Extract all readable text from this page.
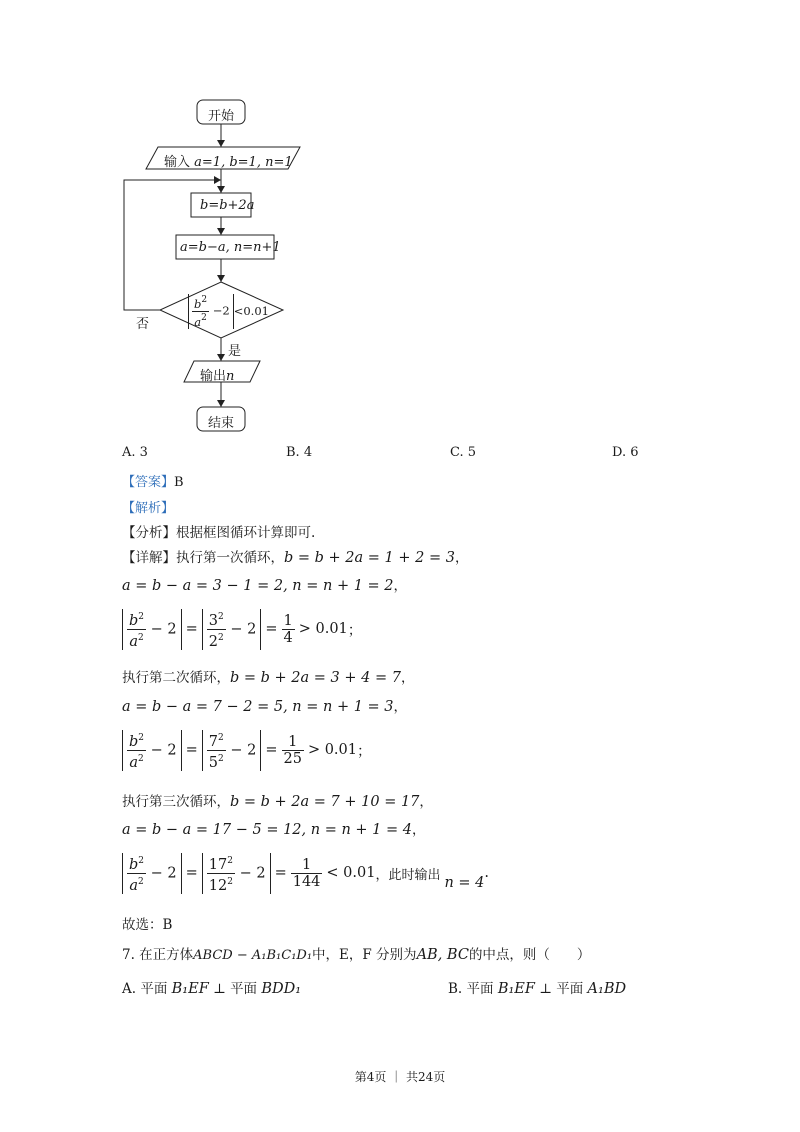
开始
输入 a=1, b=1, n=1
b=b+2a
a=b−a, n=n+1
$\frac{b^2}{a^2} -2 <0.01$
否
是
输出n
结束
A. 3	B. 4	C. 5	D. 6
【答案】B
【解析】
【分析】根据框图循环计算即可.
【详解】执行第一次循环，b = b + 2a = 1 + 2 = 3，
a = b − a = 3 − 1 = 2, n = n + 1 = 2，
$\frac{b^2}{a^2} - 2 = \frac{3^2}{2^2} - 2 = \frac{1}{4} > 0.01$ ；
执行第二次循环，b = b + 2a = 3 + 4 = 7，
a = b − a = 7 − 2 = 5, n = n + 1 = 3，
$\frac{b^2}{a^2} - 2 = \frac{7^2}{5^2} - 2 = \frac{1}{25} > 0.01$ ；
执行第三次循环，b = b + 2a = 7 + 10 = 17，
a = b − a = 17 − 5 = 12, n = n + 1 = 4，
$\frac{b^2}{a^2} - 2 = \frac{17^2}{12^2} - 2 = \frac{1}{144} < 0.01$ ，此时输出 n = 4
.
故选：B
7. 在正方体ABCD − A₁B₁C₁D₁中，E，F 分别为AB, BC的中点，则（　　）
A. 平面 B₁EF ⊥ 平面 BDD₁	B. 平面 B₁EF ⊥ 平面 A₁BD
第4页 ｜ 共24页
